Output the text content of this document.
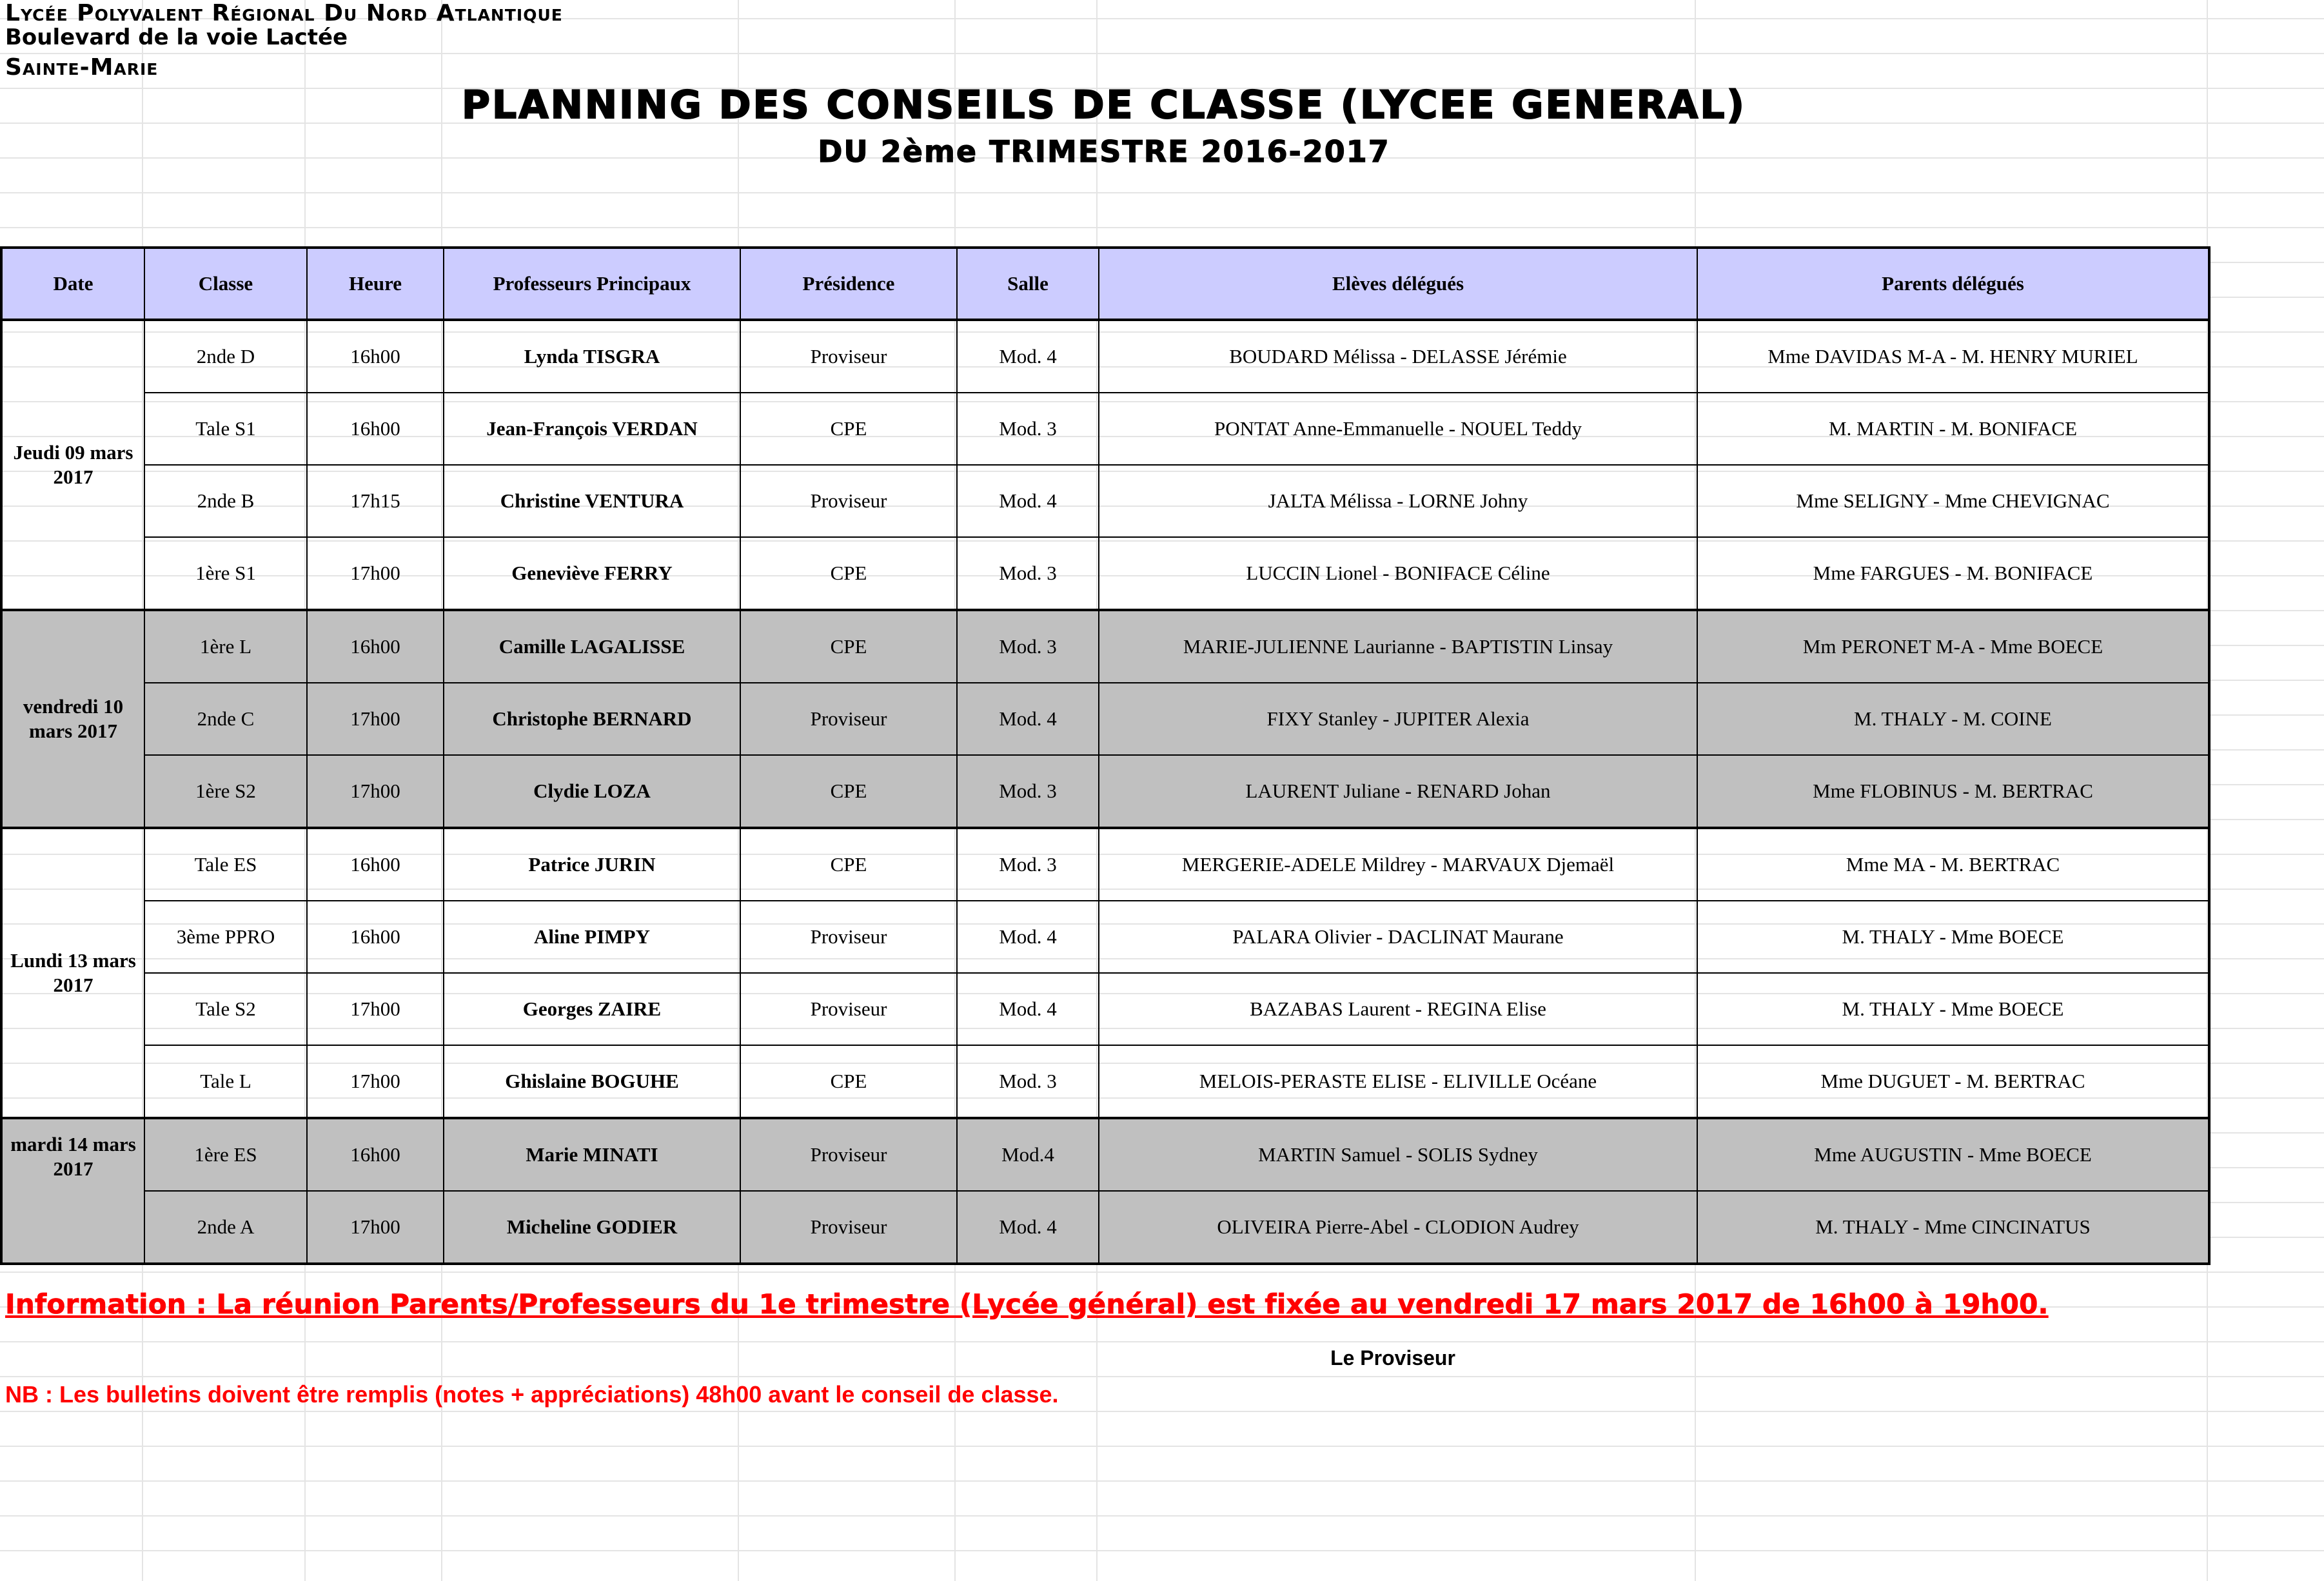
Lycée Polyvalent Régional Du Nord Atlantique
Boulevard de la voie Lactée
Sainte-Marie
PLANNING DES CONSEILS DE CLASSE (LYCEE GENERAL)
DU 2ème TRIMESTRE 2016-2017
Date	Classe	Heure	Professeurs Principaux	Présidence	Salle	Elèves délégués	Parents délégués
Jeudi 09 mars 2017	2nde D	16h00	Lynda TISGRA	Proviseur	Mod. 4	BOUDARD Mélissa - DELASSE Jérémie	Mme DAVIDAS M-A - M. HENRY MURIEL
	Tale S1	16h00	Jean-François VERDAN	CPE	Mod. 3	PONTAT Anne-Emmanuelle - NOUEL Teddy	M. MARTIN - M. BONIFACE
	2nde B	17h15	Christine VENTURA	Proviseur	Mod. 4	JALTA Mélissa - LORNE Johny	Mme SELIGNY - Mme CHEVIGNAC
	1ère S1	17h00	Geneviève FERRY	CPE	Mod. 3	LUCCIN Lionel - BONIFACE Céline	Mme FARGUES - M. BONIFACE
vendredi 10 mars 2017	1ère L	16h00	Camille LAGALISSE	CPE	Mod. 3	MARIE-JULIENNE Laurianne - BAPTISTIN Linsay	Mm PERONET M-A - Mme BOECE
	2nde C	17h00	Christophe BERNARD	Proviseur	Mod. 4	FIXY Stanley - JUPITER Alexia	M. THALY - M. COINE
	1ère S2	17h00	Clydie LOZA	CPE	Mod. 3	LAURENT Juliane - RENARD Johan	Mme FLOBINUS - M. BERTRAC
Lundi 13 mars 2017	Tale ES	16h00	Patrice JURIN	CPE	Mod. 3	MERGERIE-ADELE Mildrey - MARVAUX Djemaël	Mme MA - M. BERTRAC
	3ème PPRO	16h00	Aline PIMPY	Proviseur	Mod. 4	PALARA Olivier - DACLINAT Maurane	M. THALY - Mme BOECE
	Tale S2	17h00	Georges ZAIRE	Proviseur	Mod. 4	BAZABAS Laurent - REGINA Elise	M. THALY - Mme BOECE
	Tale L	17h00	Ghislaine BOGUHE	CPE	Mod. 3	MELOIS-PERASTE ELISE - ELIVILLE Océane	Mme DUGUET - M. BERTRAC
mardi 14 mars 2017	1ère ES	16h00	Marie MINATI	Proviseur	Mod.4	MARTIN Samuel - SOLIS Sydney	Mme AUGUSTIN - Mme BOECE
	2nde A	17h00	Micheline GODIER	Proviseur	Mod. 4	OLIVEIRA Pierre-Abel - CLODION Audrey	M. THALY - Mme CINCINATUS
Information : La réunion Parents/Professeurs du 1e trimestre (Lycée général) est fixée au vendredi 17 mars 2017 de 16h00 à 19h00.
Le Proviseur
NB : Les bulletins doivent être remplis (notes + appréciations) 48h00 avant le conseil de classe.
